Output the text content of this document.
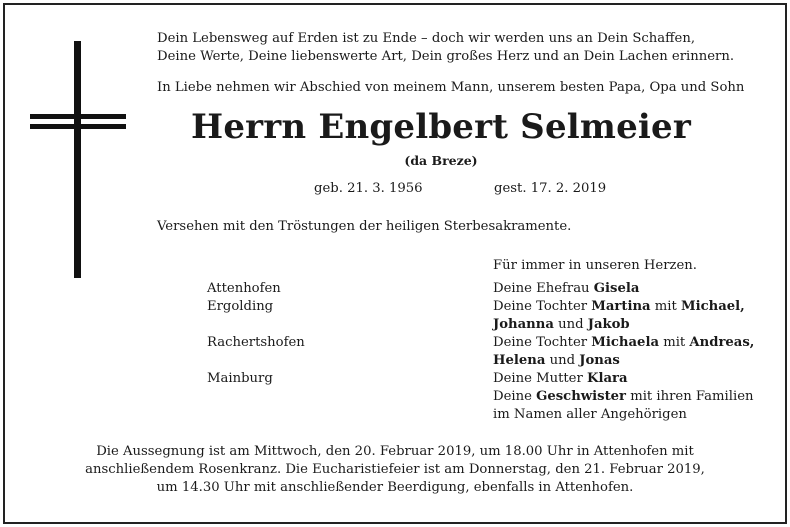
Dein Lebensweg auf Erden ist zu Ende – doch wir werden uns an Dein Schaffen,
Deine Werte, Deine liebenswerte Art, Dein großes Herz und an Dein Lachen erinnern.
In Liebe nehmen wir Abschied von meinem Mann, unserem besten Papa, Opa und Sohn
Herrn Engelbert Selmeier
(da Breze)
geb. 21. 3. 1956	gest. 17. 2. 2019
Versehen mit den Tröstungen der heiligen Sterbesakramente.
Für immer in unseren Herzen.
Attenhofen
Ergolding
Rachertshofen
Mainburg
Deine Ehefrau Gisela
Deine Tochter Martina mit Michael,
Johanna und Jakob
Deine Tochter Michaela mit Andreas,
Helena und Jonas
Deine Mutter Klara
Deine Geschwister mit ihren Familien
im Namen aller Angehörigen
Die Aussegnung ist am Mittwoch, den 20. Februar 2019, um 18.00 Uhr in Attenhofen mit
anschließendem Rosenkranz. Die Eucharistiefeier ist am Donnerstag, den 21. Februar 2019,
um 14.30 Uhr mit anschließender Beerdigung, ebenfalls in Attenhofen.
